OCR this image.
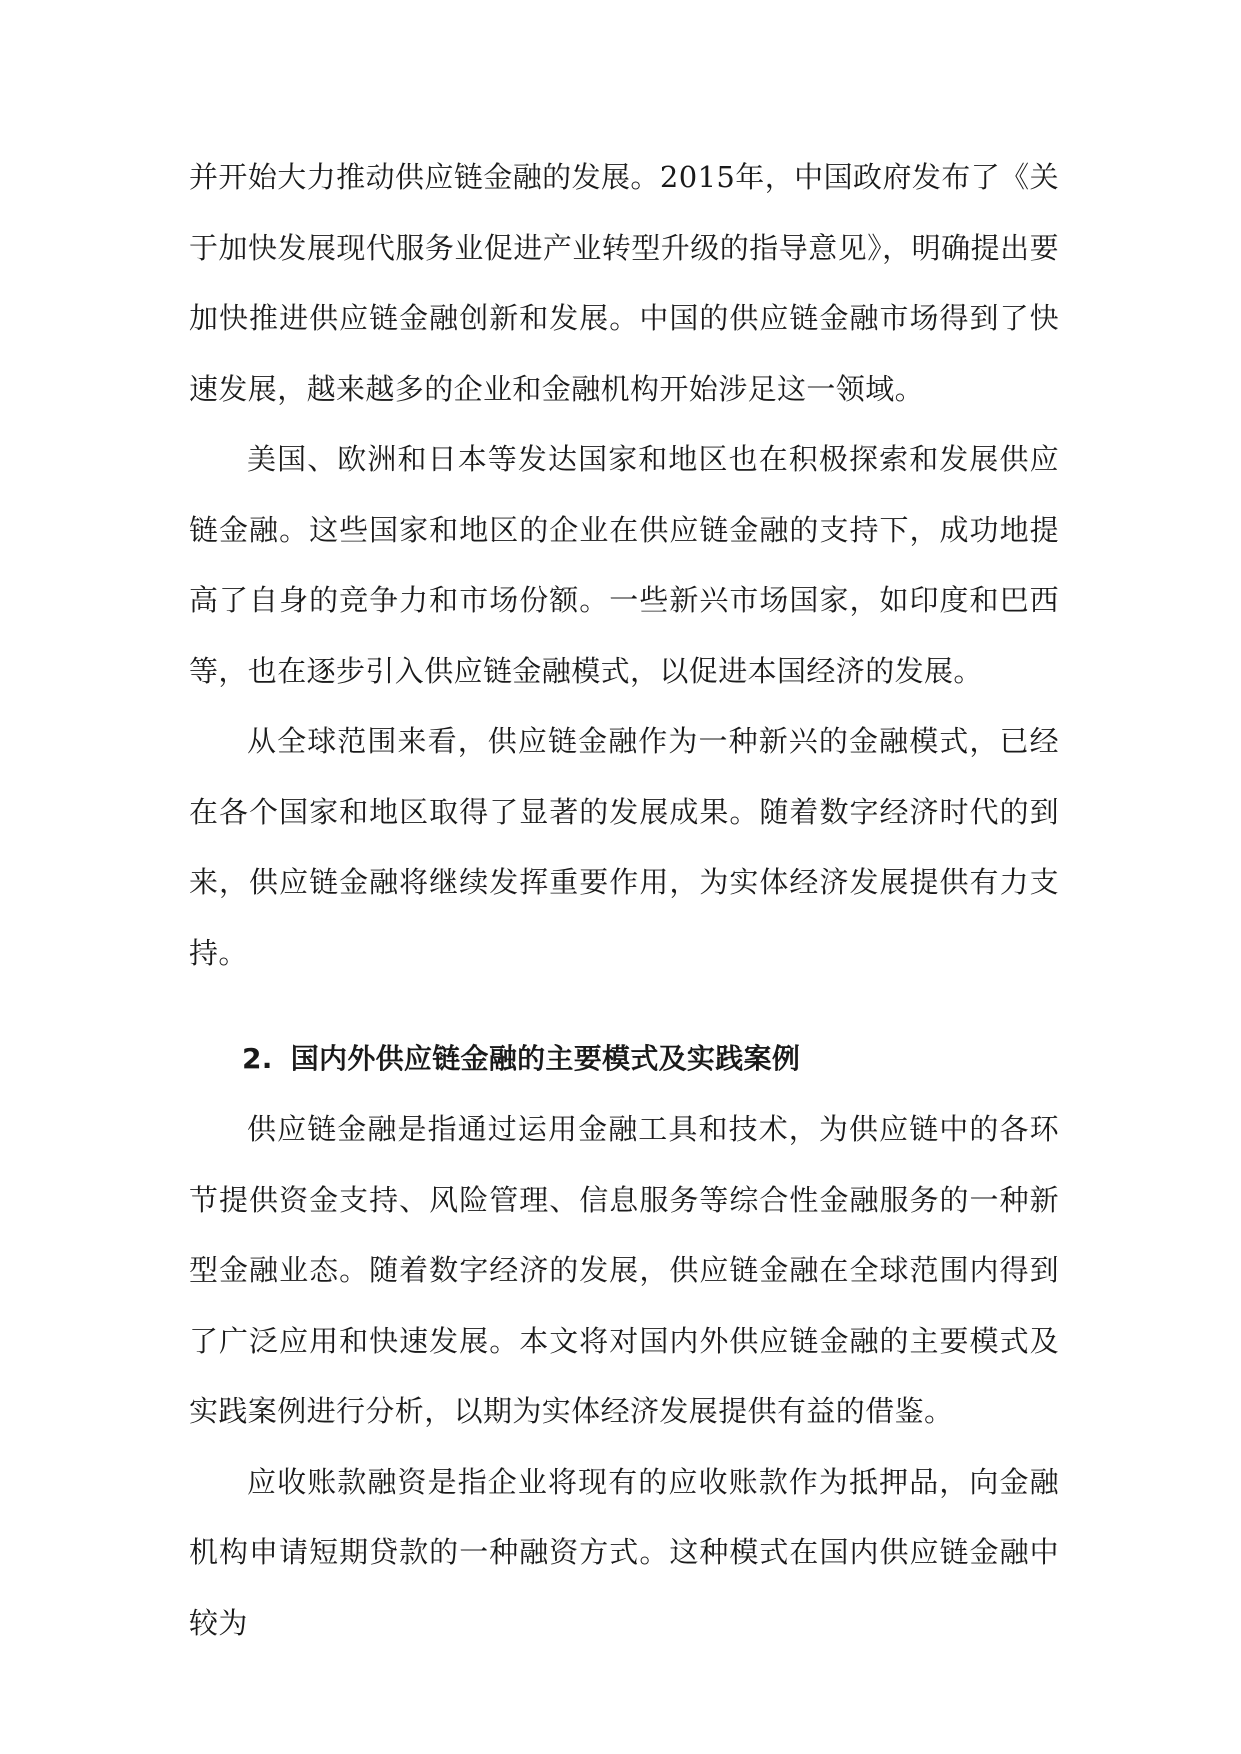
并开始大力推动供应链金融的发展。2015年，中国政府发布了《关于加快发展现代服务业促进产业转型升级的指导意见》，明确提出要加快推进供应链金融创新和发展。中国的供应链金融市场得到了快速发展，越来越多的企业和金融机构开始涉足这一领域。

美国、欧洲和日本等发达国家和地区也在积极探索和发展供应链金融。这些国家和地区的企业在供应链金融的支持下，成功地提高了自身的竞争力和市场份额。一些新兴市场国家，如印度和巴西等，也在逐步引入供应链金融模式，以促进本国经济的发展。

从全球范围来看，供应链金融作为一种新兴的金融模式，已经在各个国家和地区取得了显著的发展成果。随着数字经济时代的到来，供应链金融将继续发挥重要作用，为实体经济发展提供有力支持。

2. 国内外供应链金融的主要模式及实践案例

供应链金融是指通过运用金融工具和技术，为供应链中的各环节提供资金支持、风险管理、信息服务等综合性金融服务的一种新型金融业态。随着数字经济的发展，供应链金融在全球范围内得到了广泛应用和快速发展。本文将对国内外供应链金融的主要模式及实践案例进行分析，以期为实体经济发展提供有益的借鉴。

应收账款融资是指企业将现有的应收账款作为抵押品，向金融机构申请短期贷款的一种融资方式。这种模式在国内供应链金融中较为
